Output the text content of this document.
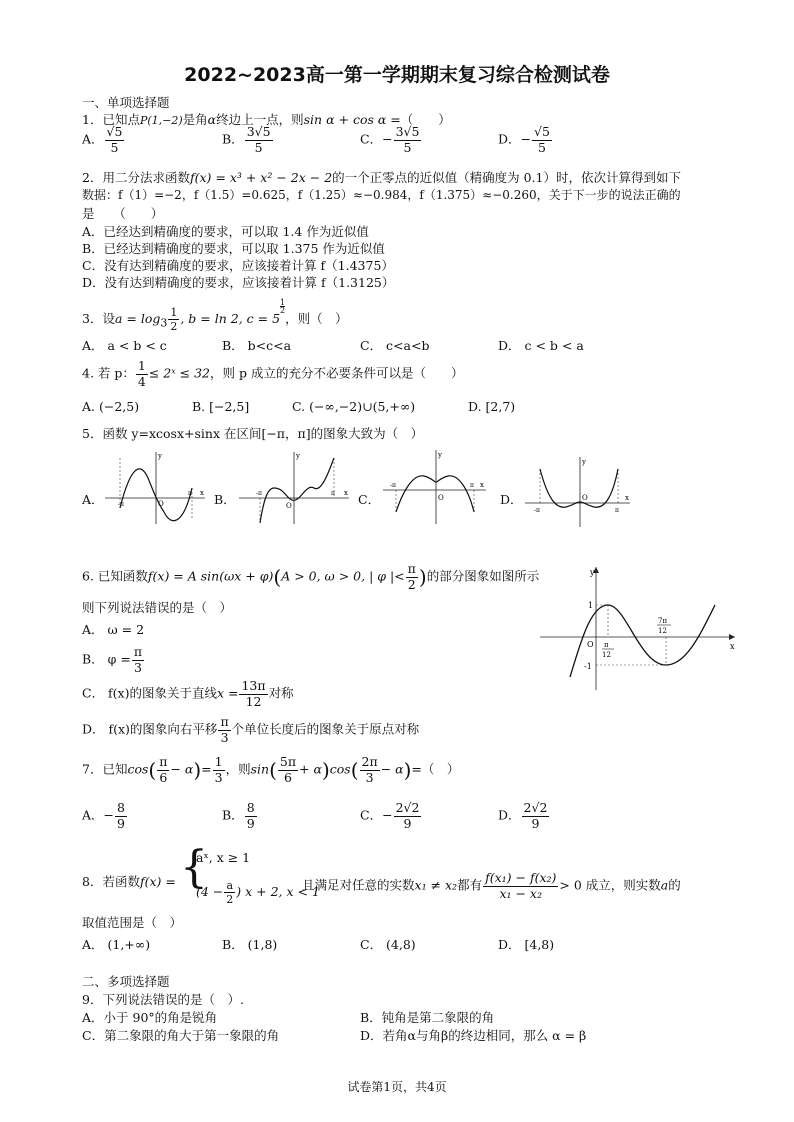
2022~2023高一第一学期期末复习综合检测试卷
一、单项选择题
1．已知点P(1,−2)是角α终边上一点，则sin α + cos α =（　　）
A． $\frac{√5}{5}$	B． $\frac{3√5}{5}$	C．− $\frac{3√5}{5}$	D．− $\frac{√5}{5}$
2．用二分法求函数f(x) = x³ + x² − 2x − 2的一个正零点的近似值（精确度为 0.1）时，依次计算得到如下
数据：f（1）=−2，f（1.5）=0.625，f（1.25）≈−0.984，f（1.375）≈−0.260，关于下一步的说法正确的
是　　（　　）
A．已经达到精确度的要求，可以取 1.4 作为近似值
B．已经达到精确度的要求，可以取 1.375 作为近似值
C．没有达到精确度的要求，应该接着计算 f（1.4375）
D．没有达到精确度的要求，应该接着计算 f（1.3125）
3．设$a = \log_3 \frac{1}{2}$ , b = ln 2, c = 5
$^{\frac{1}{2}}$
，则（　）
A． a < b < c	B． b<c<a	C． c<a<b	D． c < b < a
4. 若 p： $\frac{1}{4}$ ≤ 2ˣ ≤ 32，则 p 成立的充分不必要条件可以是（　　）
A. (−2,5)	B. [−2,5]	C. (−∞,−2)∪(5,+∞)	D. [2,7)
5．函数 y=xcosx+sinx 在区间[−π，π]的图象大致为（　）
A．
y
x
O
π
-π	B．
y
x
O
π
-π	C．
y
x
O
π
-π
D．
y
x
O
π
-π
6. 已知函数f(x) = A sin(ωx + φ)(A > 0, ω > 0, | φ |< $\frac{\pi}{2}$ )的部分图象如图所示
则下列说法错误的是（　）
A． ω = 2
B． $\varphi = \frac{\pi}{3}$
C． f(x)的图象关于直线$x = \frac{13\pi}{12}$ 对称
D． f(x)的图象向右平移 $\frac{\pi}{3}$ 个单位长度后的图象关于原点对称
y
x
O
1
-1
π
12
7π
12
7．已知$\cos( \frac{\pi}{6} - \alpha)= \frac{1}{3}$ ，则$\sin( \frac{5\pi}{6} + \alpha)\cos( \frac{2\pi}{3} - \alpha)=$（　）
A．− $\frac{8}{9}$	B． $\frac{8}{9}$	C．− $\frac{2√2}{9}$	D． $\frac{2√2}{9}$
8．若函数f(x) = {
aˣ, x ≥ 1
($4 - \frac{a}{2}$ ) x + 2, x < 1
且满足对任意的实数x₁ ≠ x₂都有 $\frac{\text{f(x₁) − f(x₂)}}{\text{x₁ − x₂}} > 0$ 成立，则实数a的
取值范围是（　）
A． (1,+∞)	B． (1,8)	C． (4,8)	D． [4,8)
二、多项选择题
9．下列说法错误的是（　）.
A．小于 90°的角是锐角	B．钝角是第二象限的角
C．第二象限的角大于第一象限的角	D．若角α与角β的终边相同，那么 α = β
试卷第1页，共4页
